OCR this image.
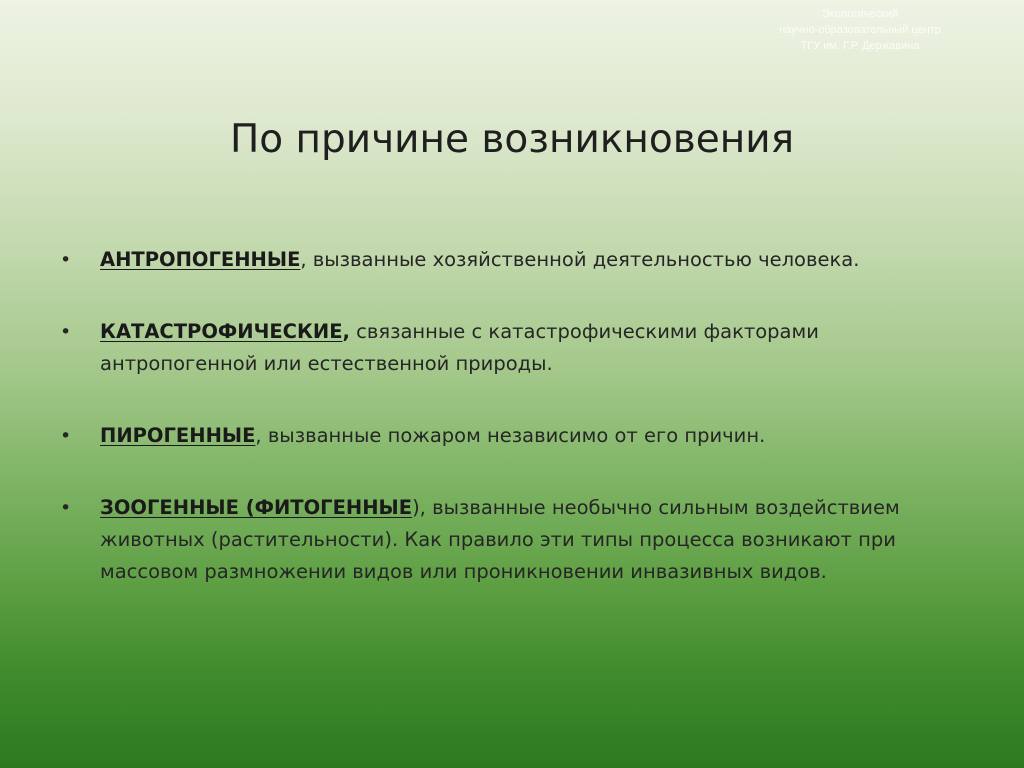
Экологический
научно-образовательный центр
ТГУ им. Г.Р. Державина
По причине возникновения
•	АНТРОПОГЕННЫЕ, вызванные хозяйственной деятельностью человека.
•	КАТАСТРОФИЧЕСКИЕ, связанные с катастрофическими факторами антропогенной или естественной природы.
•	ПИРОГЕННЫЕ, вызванные пожаром независимо от его причин.
•	ЗООГЕННЫЕ (ФИТОГЕННЫЕ), вызванные необычно сильным воздействием животных (растительности). Как правило эти типы процесса возникают при массовом размножении видов или проникновении инвазивных видов.
